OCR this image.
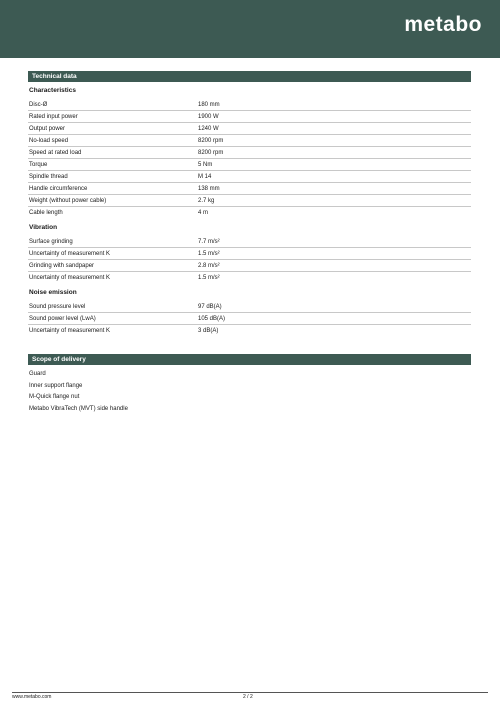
metabo
Technical data
Characteristics
Disc-Ø	180 mm
Rated input power	1900 W
Output power	1240 W
No-load speed	8200 rpm
Speed at rated load	8200 rpm
Torque	5 Nm
Spindle thread	M 14
Handle circumference	138 mm
Weight (without power cable)	2.7 kg
Cable length	4 m
Vibration
Surface grinding	7.7 m/s²
Uncertainty of measurement K	1.5 m/s²
Grinding with sandpaper	2.8 m/s²
Uncertainty of measurement K	1.5 m/s²
Noise emission
Sound pressure level	97 dB(A)
Sound power level (LwA)	105 dB(A)
Uncertainty of measurement K	3 dB(A)
Scope of delivery
Guard
Inner support flange
M-Quick flange nut
Metabo VibraTech (MVT) side handle
www.metabo.com	2 / 2
